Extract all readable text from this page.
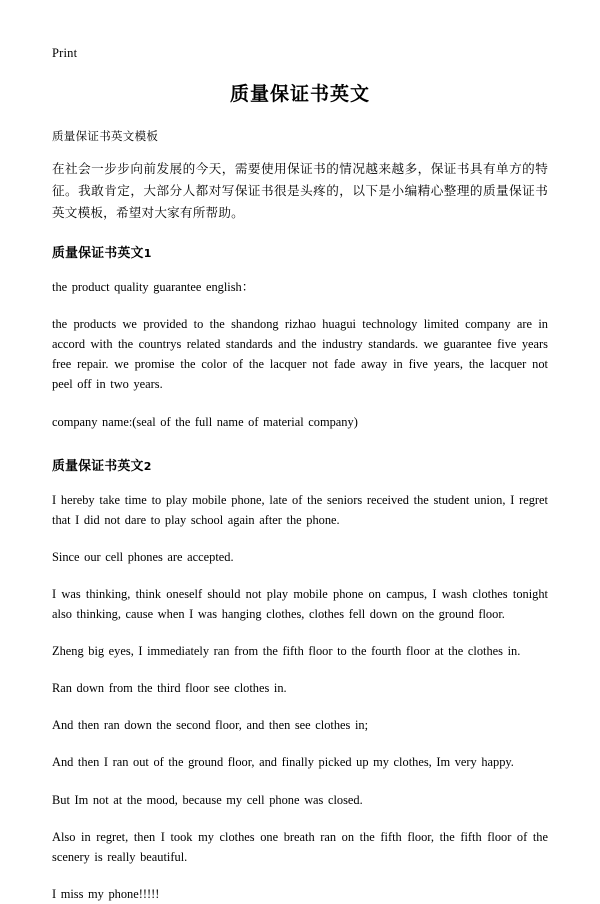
Print
质量保证书英文
质量保证书英文模板
在社会一步步向前发展的今天，需要使用保证书的情况越来越多，保证书具有单方的特征。我敢肯定，大部分人都对写保证书很是头疼的，以下是小编精心整理的质量保证书英文模板，希望对大家有所帮助。
质量保证书英文1

the product quality guarantee english：

the products we provided to the shandong rizhao huagui technology limited company are in accord with the countrys related standards and the industry standards. we guarantee five years free repair. we promise the color of the lacquer not fade away in five years, the lacquer not peel off in two years.

company name:(seal of the full name of material company)

质量保证书英文2

I hereby take time to play mobile phone, late of the seniors received the student union, I regret that I did not dare to play school again after the phone.

Since our cell phones are accepted.

I was thinking, think oneself should not play mobile phone on campus, I wash clothes tonight also thinking, cause when I was hanging clothes, clothes fell down on the ground floor.

Zheng big eyes, I immediately ran from the fifth floor to the fourth floor at the clothes in.

Ran down from the third floor see clothes in.

And then ran down the second floor, and then see clothes in;

And then I ran out of the ground floor, and finally picked up my clothes, Im very happy.

But Im not at the mood, because my cell phone was closed.

Also in regret, then I took my clothes one breath ran on the fifth floor, the fifth floor of the scenery is really beautiful.

I miss my phone!!!!!
